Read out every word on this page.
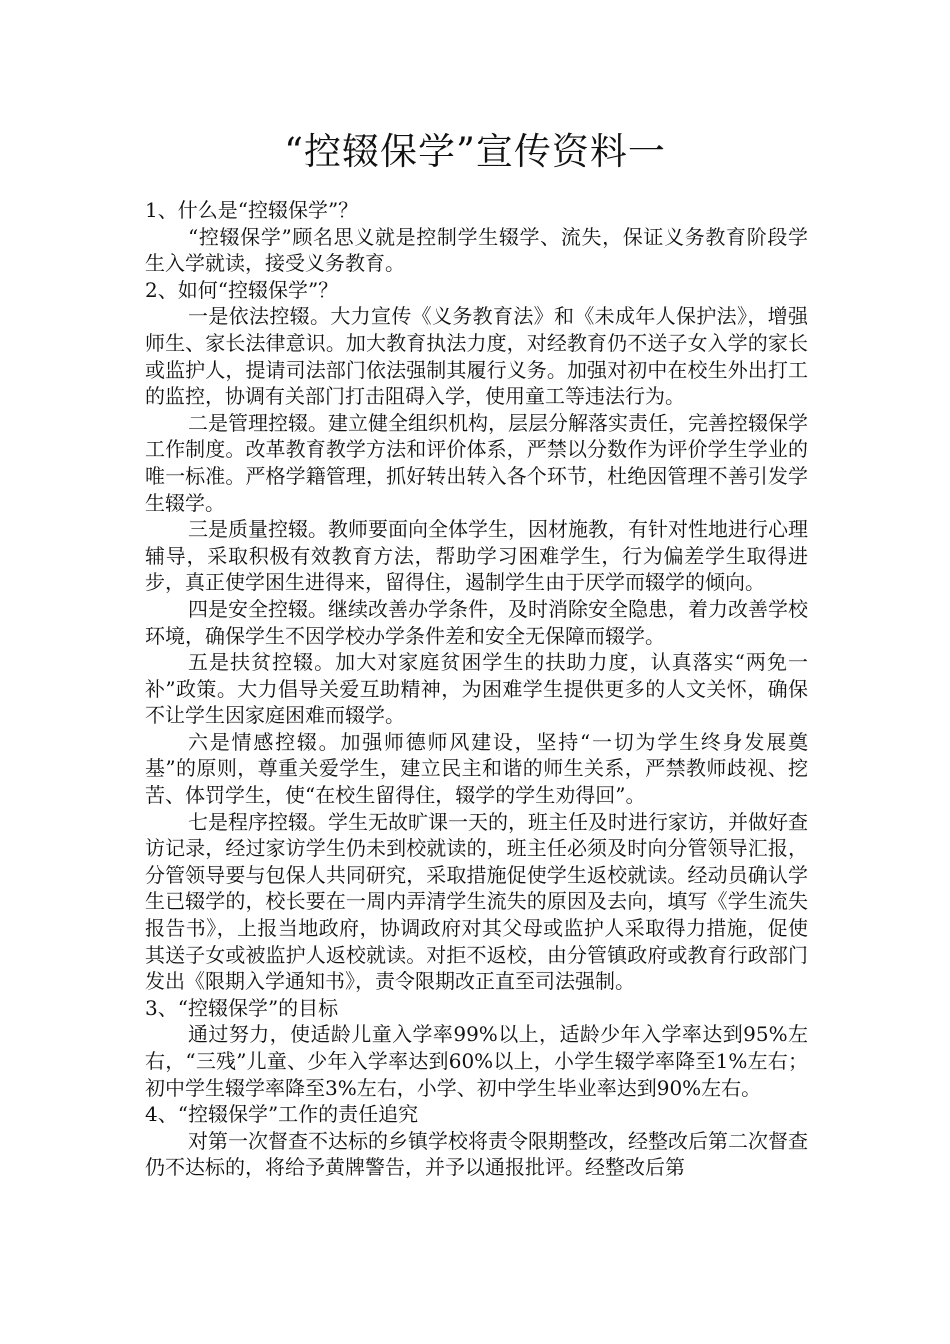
“控辍保学”宣传资料一

1、什么是“控辍保学”？

“控辍保学”顾名思义就是控制学生辍学、流失，保证义务教育阶段学生入学就读，接受义务教育。

2、如何“控辍保学”？

一是依法控辍。大力宣传《义务教育法》和《未成年人保护法》，增强师生、家长法律意识。加大教育执法力度，对经教育仍不送子女入学的家长或监护人，提请司法部门依法强制其履行义务。加强对初中在校生外出打工的监控，协调有关部门打击阻碍入学，使用童工等违法行为。

二是管理控辍。建立健全组织机构，层层分解落实责任，完善控辍保学工作制度。改革教育教学方法和评价体系，严禁以分数作为评价学生学业的唯一标准。严格学籍管理，抓好转出转入各个环节，杜绝因管理不善引发学生辍学。

三是质量控辍。教师要面向全体学生，因材施教，有针对性地进行心理辅导，采取积极有效教育方法，帮助学习困难学生，行为偏差学生取得进步，真正使学困生进得来，留得住，遏制学生由于厌学而辍学的倾向。

四是安全控辍。继续改善办学条件，及时消除安全隐患，着力改善学校环境，确保学生不因学校办学条件差和安全无保障而辍学。

五是扶贫控辍。加大对家庭贫困学生的扶助力度，认真落实“两免一补”政策。大力倡导关爱互助精神，为困难学生提供更多的人文关怀，确保不让学生因家庭困难而辍学。

六是情感控辍。加强师德师风建设，坚持“一切为学生终身发展奠基”的原则，尊重关爱学生，建立民主和谐的师生关系，严禁教师歧视、挖苦、体罚学生，使“在校生留得住，辍学的学生劝得回”。

七是程序控辍。学生无故旷课一天的，班主任及时进行家访，并做好查访记录，经过家访学生仍未到校就读的，班主任必须及时向分管领导汇报，分管领导要与包保人共同研究，采取措施促使学生返校就读。经动员确认学生已辍学的，校长要在一周内弄清学生流失的原因及去向，填写《学生流失报告书》，上报当地政府，协调政府对其父母或监护人采取得力措施，促使其送子女或被监护人返校就读。对拒不返校，由分管镇政府或教育行政部门发出《限期入学通知书》，责令限期改正直至司法强制。

3、“控辍保学”的目标

通过努力，使适龄儿童入学率99%以上，适龄少年入学率达到95%左右，“三残”儿童、少年入学率达到60%以上，小学生辍学率降至1%左右；初中学生辍学率降至3%左右，小学、初中学生毕业率达到90%左右。

4、“控辍保学”工作的责任追究

对第一次督查不达标的乡镇学校将责令限期整改，经整改后第二次督查仍不达标的，将给予黄牌警告，并予以通报批评。经整改后第
